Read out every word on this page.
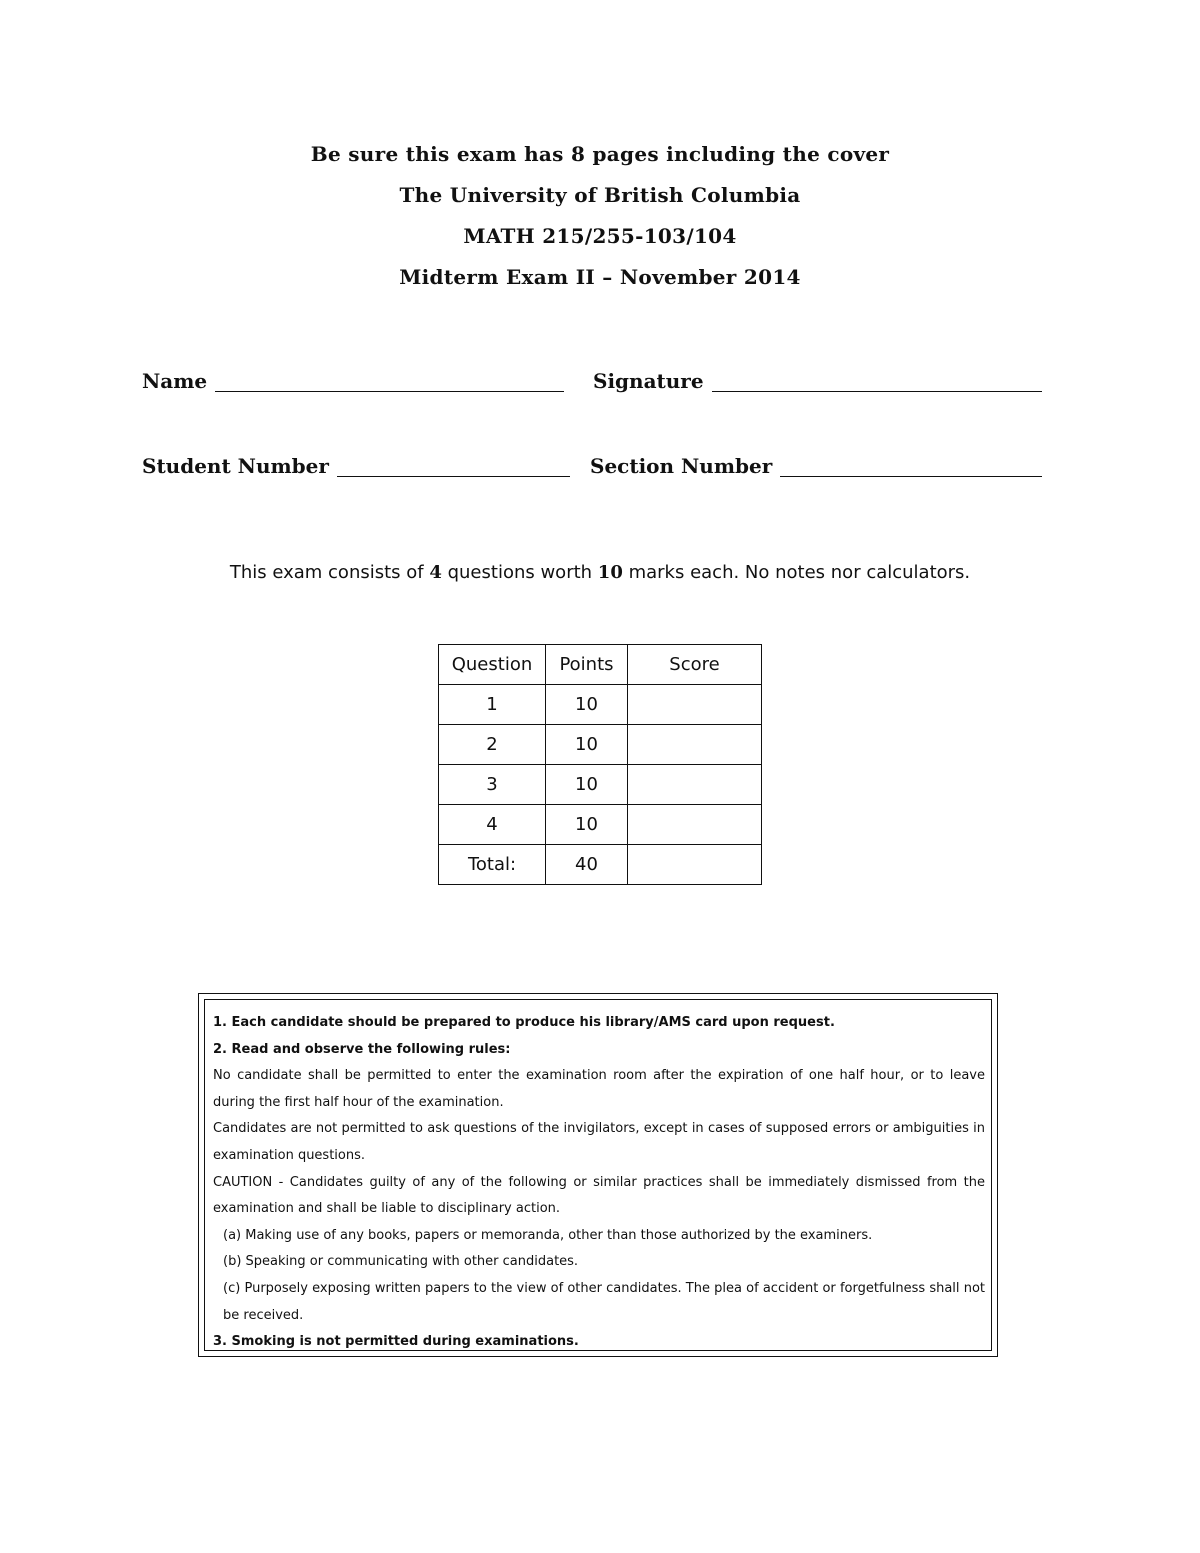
Be sure this exam has 8 pages including the cover
The University of British Columbia
MATH 215/255-103/104
Midterm Exam II – November 2014
Name	Signature
Student Number	Section Number
This exam consists of 4 questions worth 10 marks each. No notes nor calculators.
Question	Points	Score
1	10	
2	10	
3	10	
4	10	
Total:	40	

1. Each candidate should be prepared to produce his library/AMS card upon request.

2. Read and observe the following rules:

No candidate shall be permitted to enter the examination room after the expiration of one half hour, or to leave during the first half hour of the examination.

Candidates are not permitted to ask questions of the invigilators, except in cases of supposed errors or ambiguities in examination questions.

CAUTION - Candidates guilty of any of the following or similar practices shall be immediately dismissed from the examination and shall be liable to disciplinary action.

(a) Making use of any books, papers or memoranda, other than those authorized by the examiners.

(b) Speaking or communicating with other candidates.

(c) Purposely exposing written papers to the view of other candidates. The plea of accident or forgetfulness shall not be received.

3. Smoking is not permitted during examinations.
